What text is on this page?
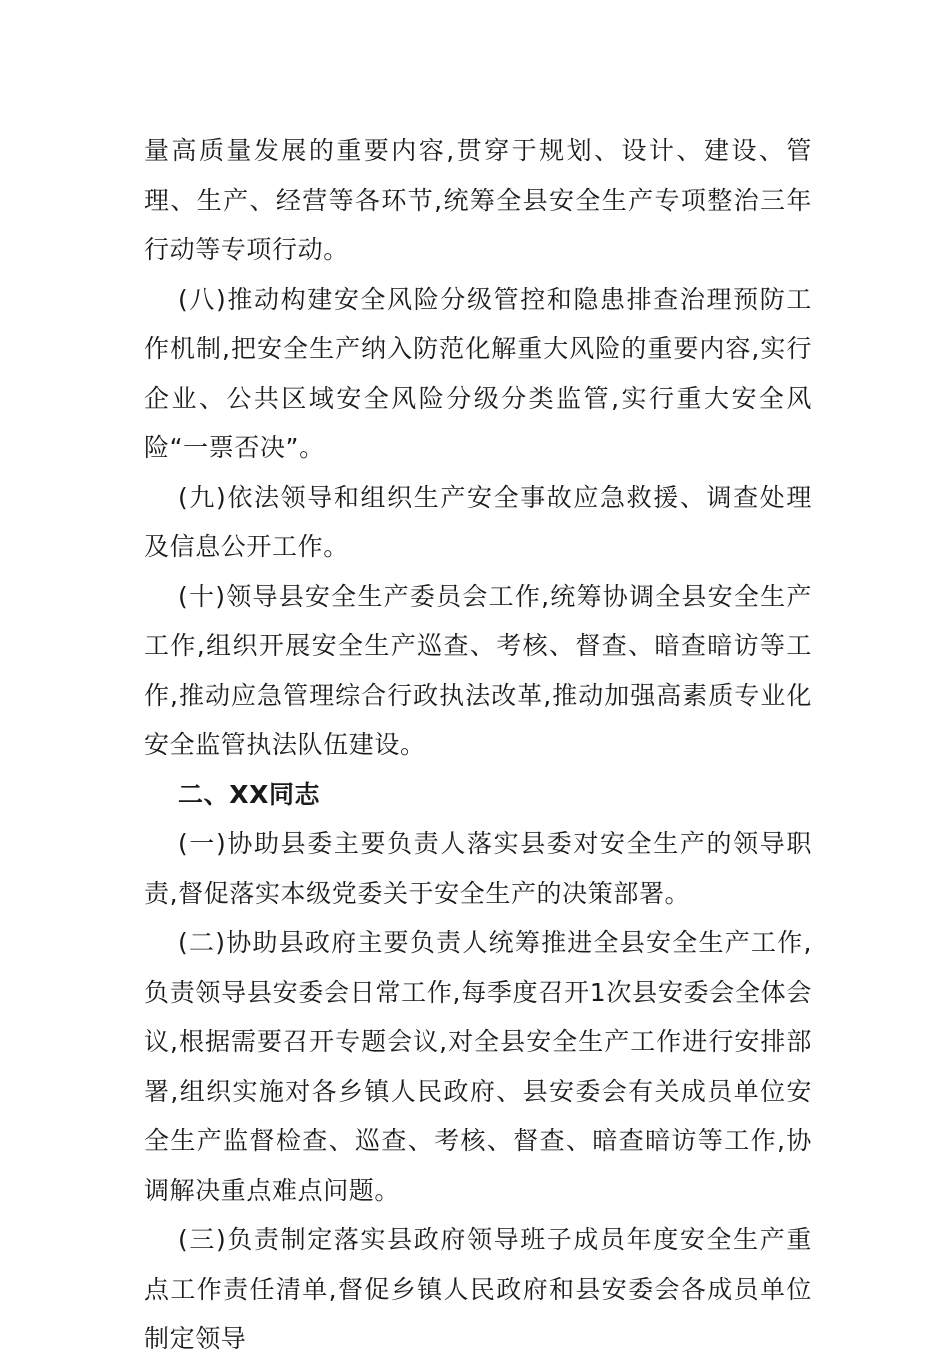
量高质量发展的重要内容,贯穿于规划、设计、建设、管理、生产、经营等各环节,统筹全县安全生产专项整治三年行动等专项行动。

(八)推动构建安全风险分级管控和隐患排查治理预防工作机制,把安全生产纳入防范化解重大风险的重要内容,实行企业、公共区域安全风险分级分类监管,实行重大安全风险“一票否决”。

(九)依法领导和组织生产安全事故应急救援、调查处理及信息公开工作。

(十)领导县安全生产委员会工作,统筹协调全县安全生产工作,组织开展安全生产巡查、考核、督查、暗查暗访等工作,推动应急管理综合行政执法改革,推动加强高素质专业化安全监管执法队伍建设。

二、XX同志

(一)协助县委主要负责人落实县委对安全生产的领导职责,督促落实本级党委关于安全生产的决策部署。

(二)协助县政府主要负责人统筹推进全县安全生产工作,负责领导县安委会日常工作,每季度召开1次县安委会全体会议,根据需要召开专题会议,对全县安全生产工作进行安排部署,组织实施对各乡镇人民政府、县安委会有关成员单位安全生产监督检查、巡查、考核、督查、暗查暗访等工作,协调解决重点难点问题。

(三)负责制定落实县政府领导班子成员年度安全生产重点工作责任清单,督促乡镇人民政府和县安委会各成员单位制定领导
